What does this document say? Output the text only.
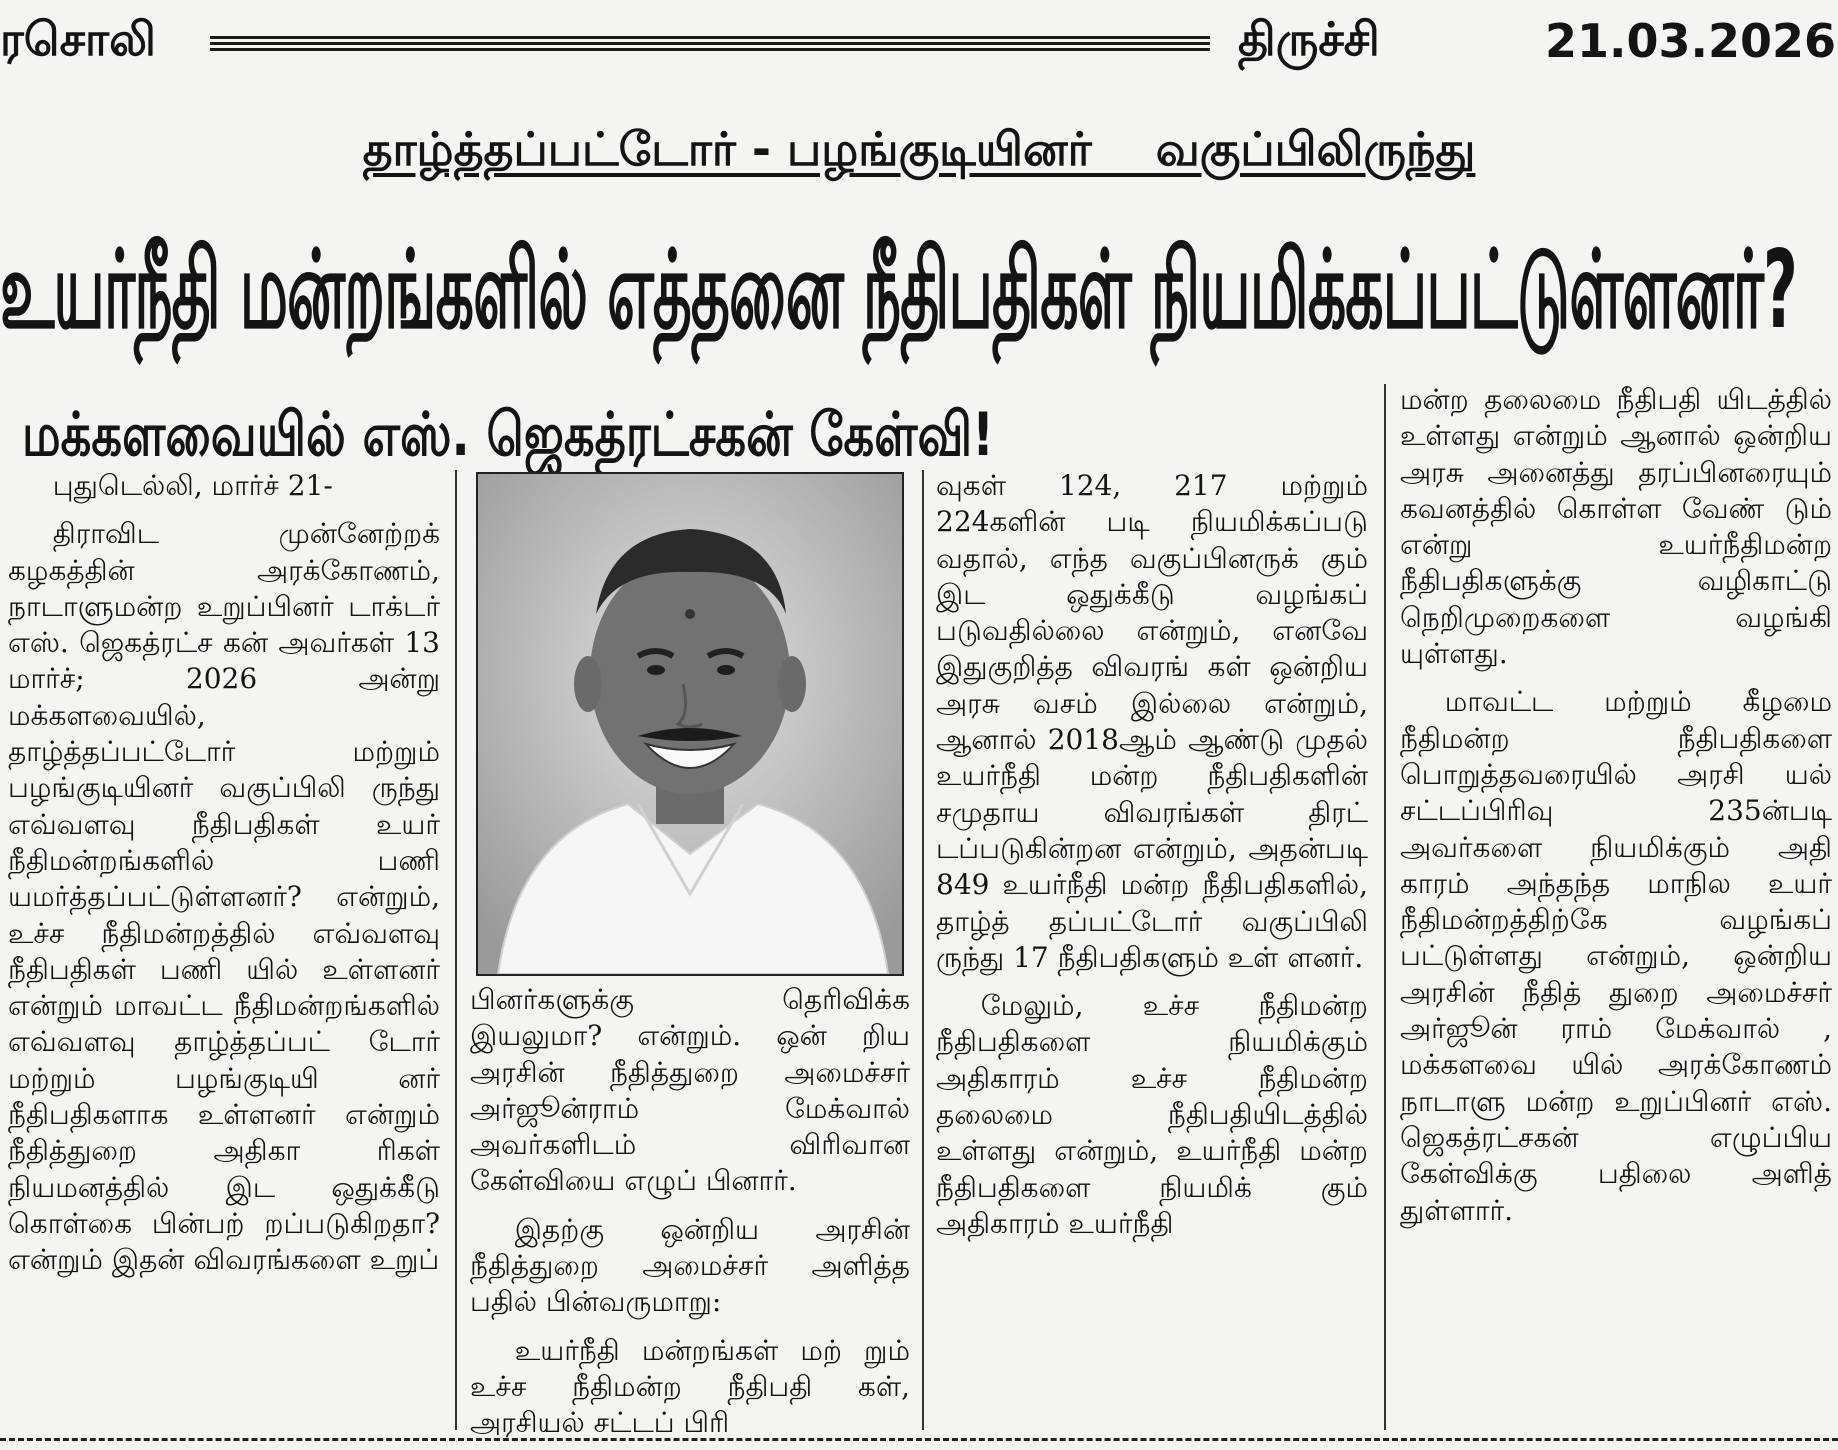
ரசொலி	திருச்சி	21.03.2026
தாழ்த்தப்பட்டோர் - பழங்குடியினர்    வகுப்பிலிருந்து
உயர்நீதி மன்றங்களில் எத்தனை நீதிபதிகள் நியமிக்கப்பட்டுள்ளனர்?
மக்களவையில் எஸ். ஜெகத்ரட்சகன் கேள்வி!

புதுடெல்லி, மார்ச் 21-

திராவிட முன்னேற்றக் கழகத்தின் அரக்கோணம், நாடாளுமன்ற உறுப்பினர் டாக்டர் எஸ். ஜெகத்ரட்ச கன் அவர்கள் 13 மார்ச்; 2026 அன்று மக்களவையில், தாழ்த்தப்பட்டோர் மற்றும் பழங்குடியினர் வகுப்பிலி ருந்து எவ்வளவு நீதிபதிகள் உயர் நீதிமன்றங்களில் பணி யமர்த்தப்பட்டுள்ளனர்? என்றும், உச்ச நீதிமன்றத்தில் எவ்வளவு நீதிபதிகள் பணி யில் உள்ளனர் என்றும் மாவட்ட நீதிமன்றங்களில் எவ்வளவு தாழ்த்தப்பட் டோர் மற்றும் பழங்குடியி னர் நீதிபதிகளாக உள்ளனர் என்றும் நீதித்துறை அதிகா ரிகள் நியமனத்தில் இட ஒதுக்கீடு கொள்கை பின்பற் றப்படுகிறதா? என்றும் இதன் விவரங்களை உறுப்

பினர்களுக்கு தெரிவிக்க இயலுமா? என்றும். ஒன் றிய அரசின் நீதித்துறை அமைச்சர் அர்ஜூன்ராம் மேக்வால் அவர்களிடம் விரிவான கேள்வியை எழுப் பினார்.

இதற்கு ஒன்றிய அரசின் நீதித்துறை அமைச்சர் அளித்த பதில் பின்வருமாறு:

உயர்நீதி மன்றங்கள் மற் றும் உச்ச நீதிமன்ற நீதிபதி கள், அரசியல் சட்டப் பிரி

வுகள் 124, 217 மற்றும் 224களின் படி நியமிக்கப்படு வதால், எந்த வகுப்பினருக் கும் இட ஒதுக்கீடு வழங்கப் படுவதில்லை என்றும், எனவே இதுகுறித்த விவரங் கள் ஒன்றிய அரசு வசம் இல்லை என்றும், ஆனால் 2018ஆம் ஆண்டு முதல் உயர்நீதி மன்ற நீதிபதிகளின் சமுதாய விவரங்கள் திரட் டப்படுகின்றன என்றும், அதன்படி 849 உயர்நீதி மன்ற நீதிபதிகளில், தாழ்த் தப்பட்டோர் வகுப்பிலி ருந்து 17 நீதிபதிகளும் உள் ளனர்.

மேலும், உச்ச நீதிமன்ற நீதிபதிகளை நியமிக்கும் அதிகாரம் உச்ச நீதிமன்ற தலைமை நீதிபதியிடத்தில் உள்ளது என்றும், உயர்நீதி மன்ற நீதிபதிகளை நியமிக் கும் அதிகாரம் உயர்நீதி

மன்ற தலைமை நீதிபதி யிடத்தில் உள்ளது என்றும் ஆனால் ஒன்றிய அரசு அனைத்து தரப்பினரையும் கவனத்தில் கொள்ள வேண் டும் என்று உயர்நீதிமன்ற நீதிபதிகளுக்கு வழிகாட்டு நெறிமுறைகளை வழங்கி யுள்ளது.

மாவட்ட மற்றும் கீழமை நீதிமன்ற நீதிபதிகளை பொறுத்தவரையில் அரசி யல் சட்டப்பிரிவு 235ன்படி அவர்களை நியமிக்கும் அதி காரம் அந்தந்த மாநில உயர் நீதிமன்றத்திற்கே வழங்கப் பட்டுள்ளது என்றும், ஒன்றிய அரசின் நீதித் துறை அமைச்சர் அர்ஜூன் ராம் மேக்வால் , மக்களவை யில் அரக்கோணம் நாடாளு மன்ற உறுப்பினர் எஸ். ஜெகத்ரட்சகன் எழுப்பிய கேள்விக்கு பதிலை அளித் துள்ளார்.
